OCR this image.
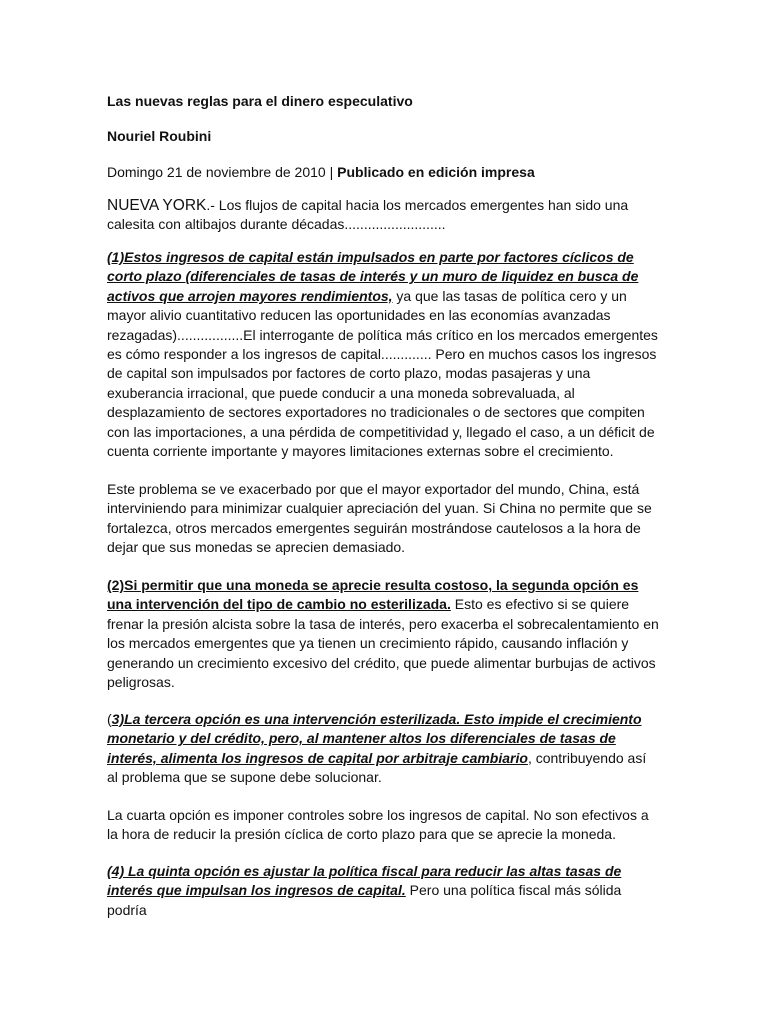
Las nuevas reglas para el dinero especulativo

Nouriel Roubini

Domingo 21 de noviembre de 2010 | Publicado en edición impresa

NUEVA YORK.- Los flujos de capital hacia los mercados emergentes han sido una calesita con altibajos durante décadas..........................

(1)Estos ingresos de capital están impulsados en parte por factores cíclicos de corto plazo (diferenciales de tasas de interés y un muro de liquidez en busca de activos que arrojen mayores rendimientos, ya que las tasas de política cero y un mayor alivio cuantitativo reducen las oportunidades en las economías avanzadas rezagadas).................El interrogante de política más crítico en los mercados emergentes es cómo responder a los ingresos de capital............. Pero en muchos casos los ingresos de capital son impulsados por factores de corto plazo, modas pasajeras y una exuberancia irracional, que puede conducir a una moneda sobrevaluada, al desplazamiento de sectores exportadores no tradicionales o de sectores que compiten con las importaciones, a una pérdida de competitividad y, llegado el caso, a un déficit de cuenta corriente importante y mayores limitaciones externas sobre el crecimiento.

Este problema se ve exacerbado por que el mayor exportador del mundo, China, está interviniendo para minimizar cualquier apreciación del yuan. Si China no permite que se fortalezca, otros mercados emergentes seguirán mostrándose cautelosos a la hora de dejar que sus monedas se aprecien demasiado.

(2)Si permitir que una moneda se aprecie resulta costoso, la segunda opción es una intervención del tipo de cambio no esterilizada. Esto es efectivo si se quiere frenar la presión alcista sobre la tasa de interés, pero exacerba el sobrecalentamiento en los mercados emergentes que ya tienen un crecimiento rápido, causando inflación y generando un crecimiento excesivo del crédito, que puede alimentar burbujas de activos peligrosas.

(3)La tercera opción es una intervención esterilizada. Esto impide el crecimiento monetario y del crédito, pero, al mantener altos los diferenciales de tasas de interés, alimenta los ingresos de capital por arbitraje cambiario, contribuyendo así al problema que se supone debe solucionar.

La cuarta opción es imponer controles sobre los ingresos de capital. No son efectivos a la hora de reducir la presión cíclica de corto plazo para que se aprecie la moneda.

(4) La quinta opción es ajustar la política fiscal para reducir las altas tasas de interés que impulsan los ingresos de capital. Pero una política fiscal más sólida podría
